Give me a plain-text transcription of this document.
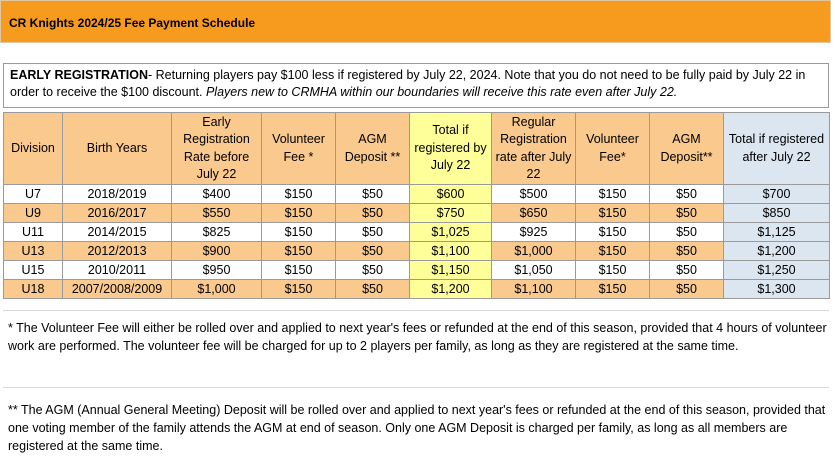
CR Knights 2024/25 Fee Payment Schedule
EARLY REGISTRATION- Returning players pay $100 less if registered by July 22, 2024. Note that you do not need to be fully paid by July 22 in order to receive the $100 discount. Players new to CRMHA within our boundaries will receive this rate even after July 22.
Division	Birth Years	Early Registration Rate before July 22	Volunteer Fee *	AGM Deposit **	Total if registered by July 22	Regular Registration rate after July 22	Volunteer Fee*	AGM Deposit**	Total if registered after July 22
U7	2018/2019	$400	$150	$50	$600	$500	$150	$50	$700
U9	2016/2017	$550	$150	$50	$750	$650	$150	$50	$850
U11	2014/2015	$825	$150	$50	$1,025	$925	$150	$50	$1,125
U13	2012/2013	$900	$150	$50	$1,100	$1,000	$150	$50	$1,200
U15	2010/2011	$950	$150	$50	$1,150	$1,050	$150	$50	$1,250
U18	2007/2008/2009	$1,000	$150	$50	$1,200	$1,100	$150	$50	$1,300
* The Volunteer Fee will either be rolled over and applied to next year's fees or refunded at the end of this season, provided that 4 hours of volunteer work are performed. The volunteer fee will be charged for up to 2 players per family, as long as they are registered at the same time.
** The AGM (Annual General Meeting) Deposit will be rolled over and applied to next year's fees or refunded at the end of this season, provided that one voting member of the family attends the AGM at end of season. Only one AGM Deposit is charged per family, as long as all members are registered at the same time.
